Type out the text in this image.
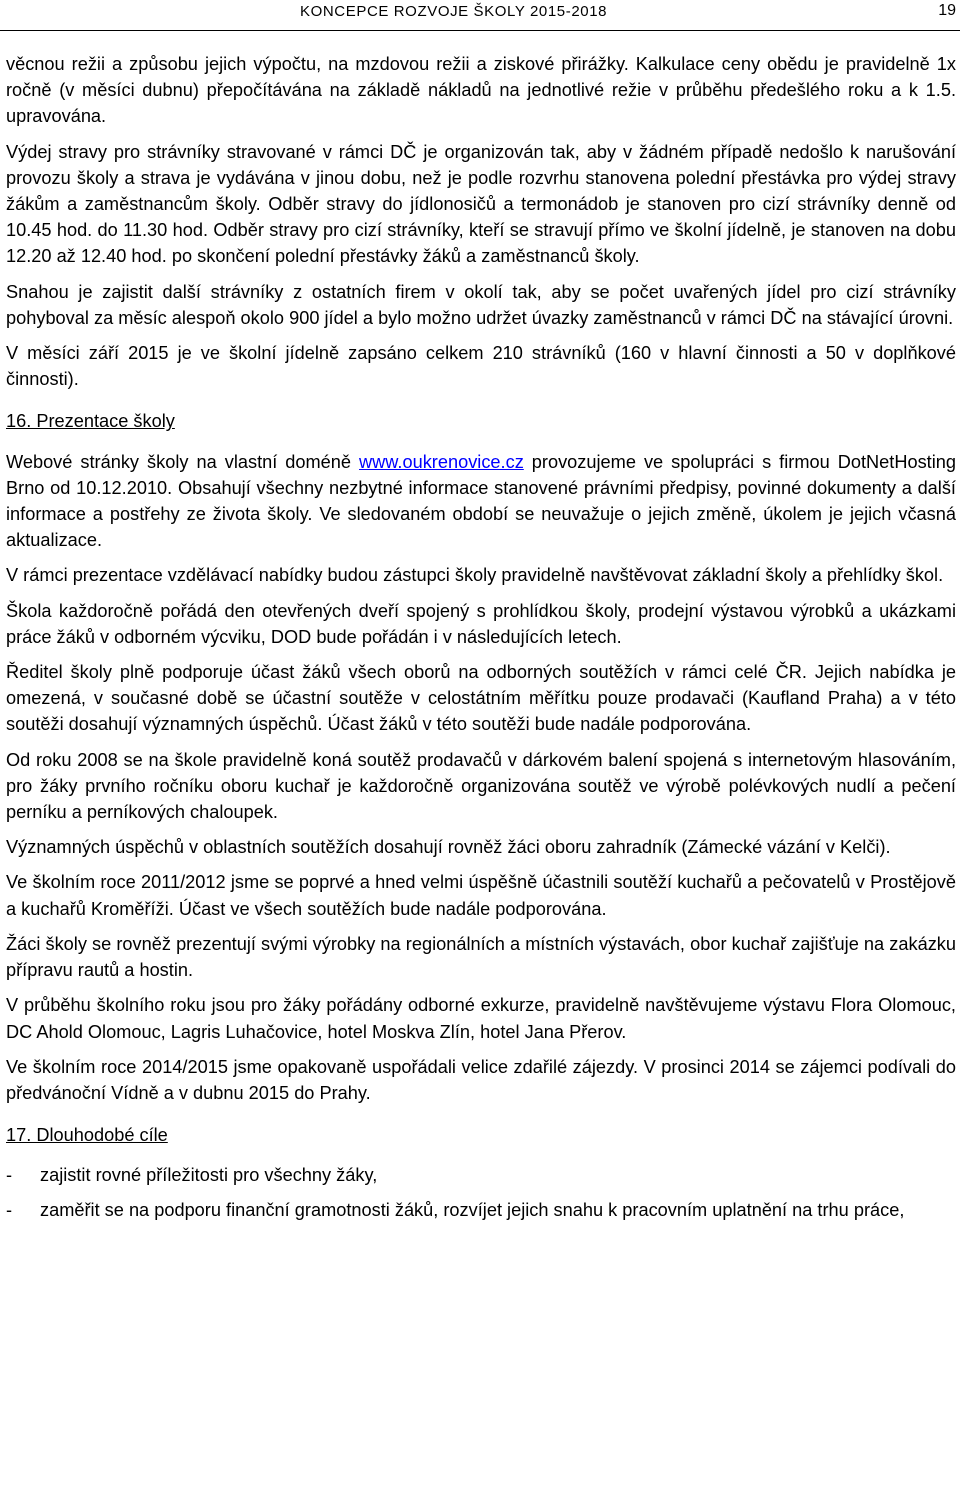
KONCEPCE ROZVOJE ŠKOLY 2015-2018	19

věcnou režii a způsobu jejich výpočtu, na mzdovou režii a ziskové přirážky. Kalkulace ceny obědu je pravidelně 1x ročně (v měsíci dubnu) přepočítávána na základě nákladů na jednotlivé režie v průběhu předešlého roku a k 1.5. upravována.

Výdej stravy pro strávníky stravované v rámci DČ je organizován tak, aby v žádném případě nedošlo k narušování provozu školy a strava je vydávána v jinou dobu, než je podle rozvrhu stanovena polední přestávka pro výdej stravy žákům a zaměstnancům školy. Odběr stravy do jídlonosičů a termonádob je stanoven pro cizí strávníky denně od 10.45 hod. do 11.30 hod. Odběr stravy pro cizí strávníky, kteří se stravují přímo ve školní jídelně, je stanoven na dobu 12.20 až 12.40 hod. po skončení polední přestávky žáků a zaměstnanců školy.

Snahou je zajistit další strávníky z ostatních firem v okolí tak, aby se počet uvařených jídel pro cizí strávníky pohyboval za měsíc alespoň okolo 900 jídel a bylo možno udržet úvazky zaměstnanců v rámci DČ na stávající úrovni.

V měsíci září 2015 je ve školní jídelně zapsáno celkem 210 strávníků (160 v hlavní činnosti a 50 v doplňkové činnosti).

16. Prezentace školy

Webové stránky školy na vlastní doméně www.oukrenovice.cz provozujeme ve spolupráci s firmou DotNetHosting Brno od 10.12.2010. Obsahují všechny nezbytné informace stanovené právními předpisy, povinné dokumenty a další informace a postřehy ze života školy. Ve sledovaném období se neuvažuje o jejich změně, úkolem je jejich včasná aktualizace.

V rámci prezentace vzdělávací nabídky budou zástupci školy pravidelně navštěvovat základní školy a přehlídky škol.

Škola každoročně pořádá den otevřených dveří spojený s prohlídkou školy, prodejní výstavou výrobků a ukázkami práce žáků v odborném výcviku, DOD bude pořádán i v následujících letech.

Ředitel školy plně podporuje účast žáků všech oborů na odborných soutěžích v rámci celé ČR. Jejich nabídka je omezená, v současné době se účastní soutěže v celostátním měřítku pouze prodavači (Kaufland Praha) a v této soutěži dosahují významných úspěchů. Účast žáků v této soutěži bude nadále podporována.

Od roku 2008 se na škole pravidelně koná soutěž prodavačů v dárkovém balení spojená s internetovým hlasováním, pro žáky prvního ročníku oboru kuchař je každoročně organizována soutěž ve výrobě polévkových nudlí a pečení perníku a perníkových chaloupek.

Významných úspěchů v oblastních soutěžích dosahují rovněž žáci oboru zahradník (Zámecké vázání v Kelči).

Ve školním roce 2011/2012 jsme se poprvé a hned velmi úspěšně účastnili soutěží kuchařů a pečovatelů v Prostějově a kuchařů Kroměříži. Účast ve všech soutěžích bude nadále podporována.

Žáci školy se rovněž prezentují svými výrobky na regionálních a místních výstavách, obor kuchař zajišťuje na zakázku přípravu rautů a hostin.

V průběhu školního roku jsou pro žáky pořádány odborné exkurze, pravidelně navštěvujeme výstavu Flora Olomouc, DC Ahold Olomouc, Lagris Luhačovice, hotel Moskva Zlín, hotel Jana Přerov.

Ve školním roce 2014/2015 jsme opakovaně uspořádali velice zdařilé zájezdy. V prosinci 2014 se zájemci podívali do předvánoční Vídně a v dubnu 2015 do Prahy.

17. Dlouhodobé cíle
- zajistit rovné příležitosti pro všechny žáky,
- zaměřit se na podporu finanční gramotnosti žáků, rozvíjet jejich snahu k pracovním uplatnění na trhu práce,
